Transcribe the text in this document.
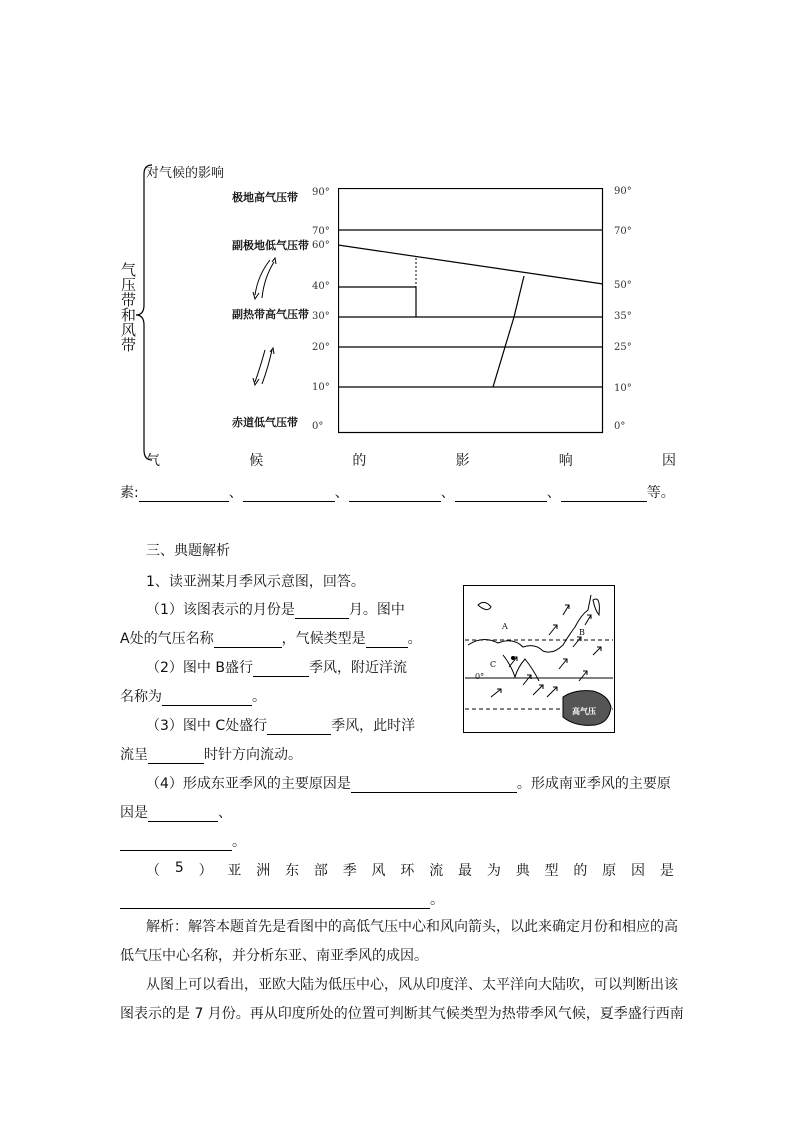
对气候的影响
气压带和风带
极地高气压带
副极地低气压带
副热带高气压带
赤道低气压带
90°
70°
60°
40°
30°
20°
10°
0°
90°
70°
50°
35°
25°
10°
0°
气	候	的	影	响	因
素:	、	、	、	、	等。
三、典题解析
1、读亚洲某月季风示意图，回答。
（1）该图表示的月份是	月。图中
A处的气压名称	，气候类型是	。
（2）图中 B盛行	季风，附近洋流
名称为	。
（3）图中 C处盛行	季风，此时洋
流呈	时针方向流动。
（4）形成东亚季风的主要原因是	。形成南亚季风的主要原
因是	、
。
（ 5 ） 亚 洲 东 部 季 风 环 流 最 为 典 型 的 原 因 是
。
A
B
C
0°
高气压
解析：解答本题首先是看图中的高低气压中心和风向箭头，以此来确定月份和相应的高
低气压中心名称，并分析东亚、南亚季风的成因。
从图上可以看出，亚欧大陆为低压中心，风从印度洋、太平洋向大陆吹，可以判断出该
图表示的是 7 月份。再从印度所处的位置可判断其气候类型为热带季风气候，夏季盛行西南
